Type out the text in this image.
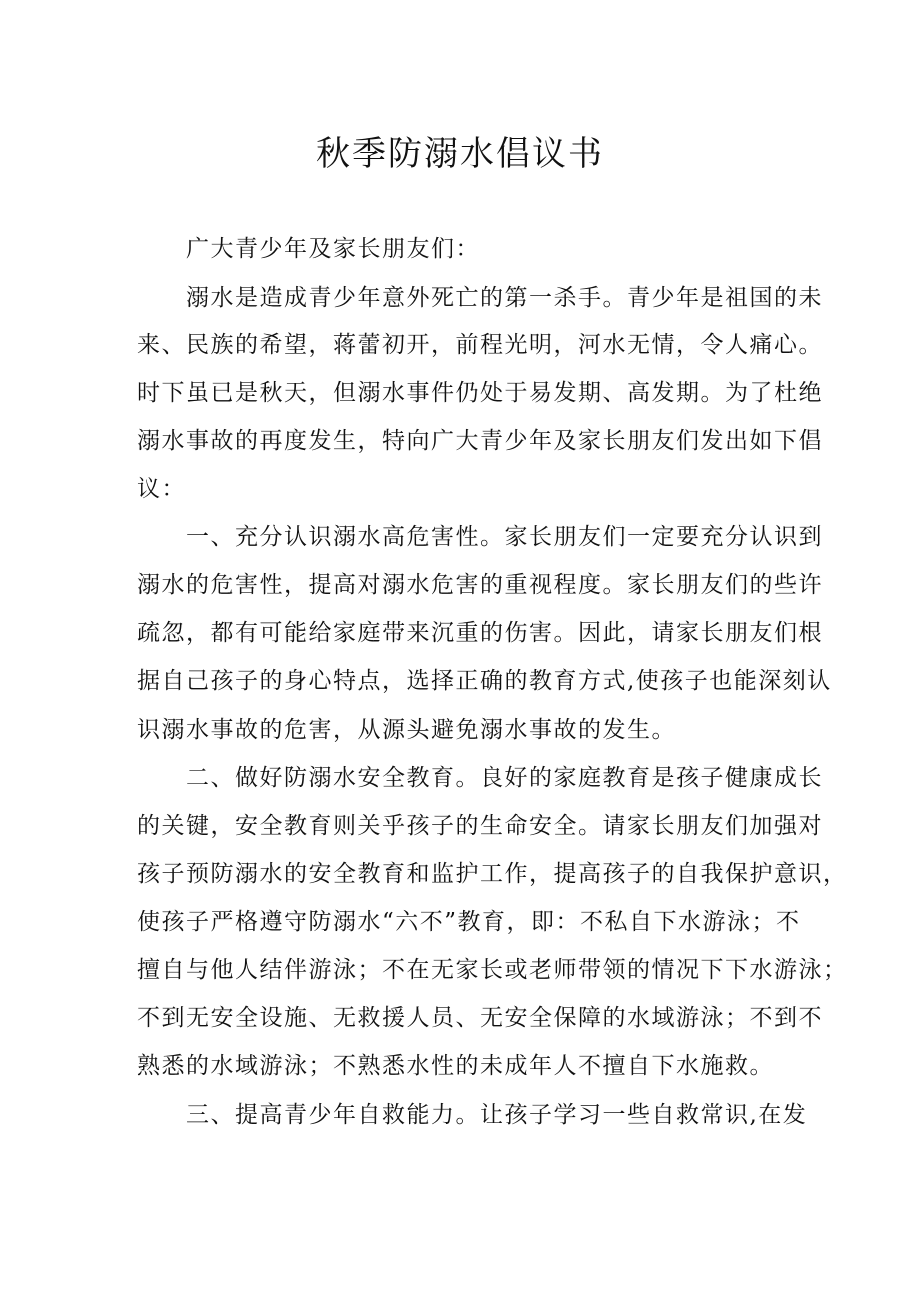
秋季防溺水倡议书
　　广大青少年及家长朋友们：
　　溺水是造成青少年意外死亡的第一杀手。青少年是祖国的未
来、民族的希望，蒋蕾初开，前程光明，河水无情，令人痛心。
时下虽已是秋天，但溺水事件仍处于易发期、高发期。为了杜绝
溺水事故的再度发生，特向广大青少年及家长朋友们发出如下倡
议：
　　一、充分认识溺水高危害性。家长朋友们一定要充分认识到
溺水的危害性，提高对溺水危害的重视程度。家长朋友们的些许
疏忽，都有可能给家庭带来沉重的伤害。因此，请家长朋友们根
据自己孩子的身心特点，选择正确的教育方式,使孩子也能深刻认
识溺水事故的危害，从源头避免溺水事故的发生。
　　二、做好防溺水安全教育。良好的家庭教育是孩子健康成长
的关键，安全教育则关乎孩子的生命安全。请家长朋友们加强对
孩子预防溺水的安全教育和监护工作，提高孩子的自我保护意识，
使孩子严格遵守防溺水“六不”教育，即：不私自下水游泳；不
擅自与他人结伴游泳；不在无家长或老师带领的情况下下水游泳；
不到无安全设施、无救援人员、无安全保障的水域游泳；不到不
熟悉的水域游泳；不熟悉水性的未成年人不擅自下水施救。
　　三、提高青少年自救能力。让孩子学习一些自救常识,在发
